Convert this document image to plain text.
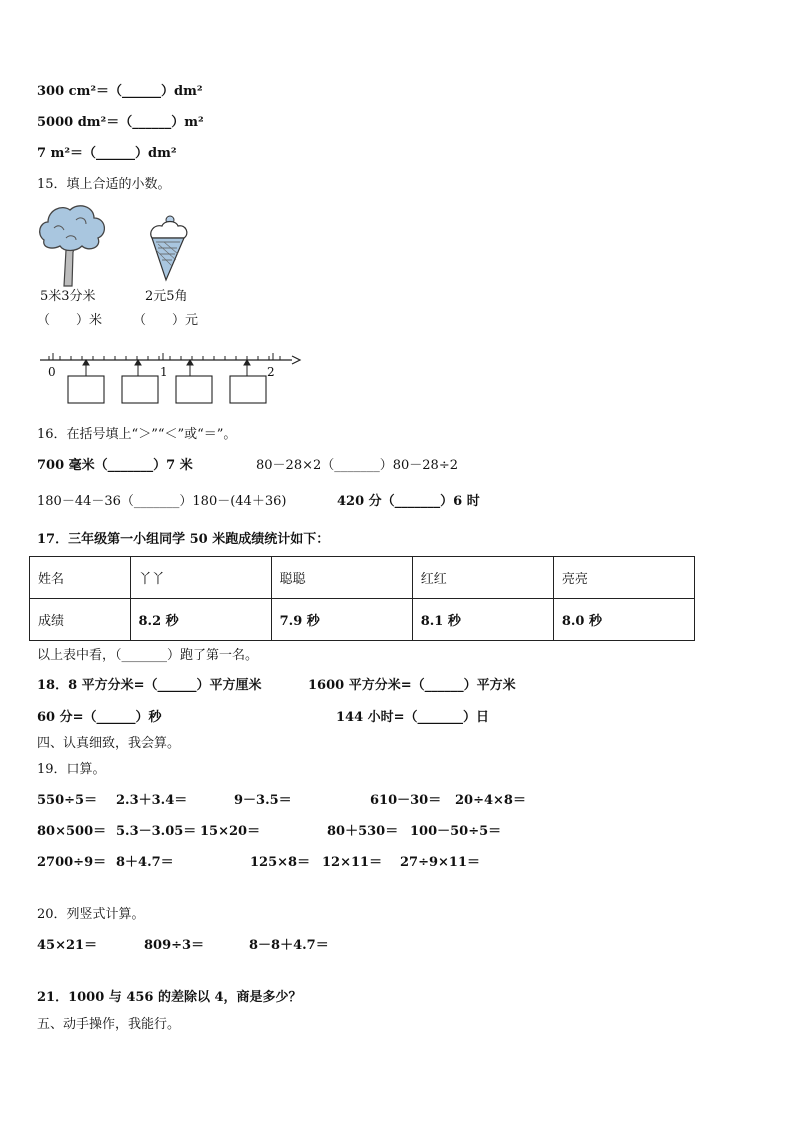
300 cm²＝（______）dm²
5000 dm²＝（______）m²
7 m²＝（______）dm²
15．填上合适的小数。
5米3分米	2元5角
（　　）米 （　　）元
0	1	2
16．在括号填上“＞”“＜”或“＝”。
700 毫米（_______）7 米	80－28×2（_______）80－28÷2
180－44－36（_______）180－(44＋36)	420 分（_______）6 时
17．三年级第一小组同学 50 米跑成绩统计如下：
姓名	丫丫	聪聪	红红	亮亮
成绩	8.2 秒	7.9 秒	8.1 秒	8.0 秒
以上表中看，（_______）跑了第一名。
18．8 平方分米=（______）平方厘米	1600 平方分米=（______）平方米
60 分=（______）秒	144 小时=（_______）日
四、认真细致，我会算。
19．口算。
550÷5＝ 2.3＋3.4＝	9－3.5＝	610－30＝ 20÷4×8＝
80×500＝ 5.3－3.05＝ 15×20＝	80＋530＝ 100－50÷5＝
2700÷9＝ 8＋4.7＝	125×8＝ 12×11＝ 27÷9×11＝
20．列竖式计算。
45×21＝	809÷3＝	8－8＋4.7＝
21．1000 与 456 的差除以 4，商是多少？
五、动手操作，我能行。
